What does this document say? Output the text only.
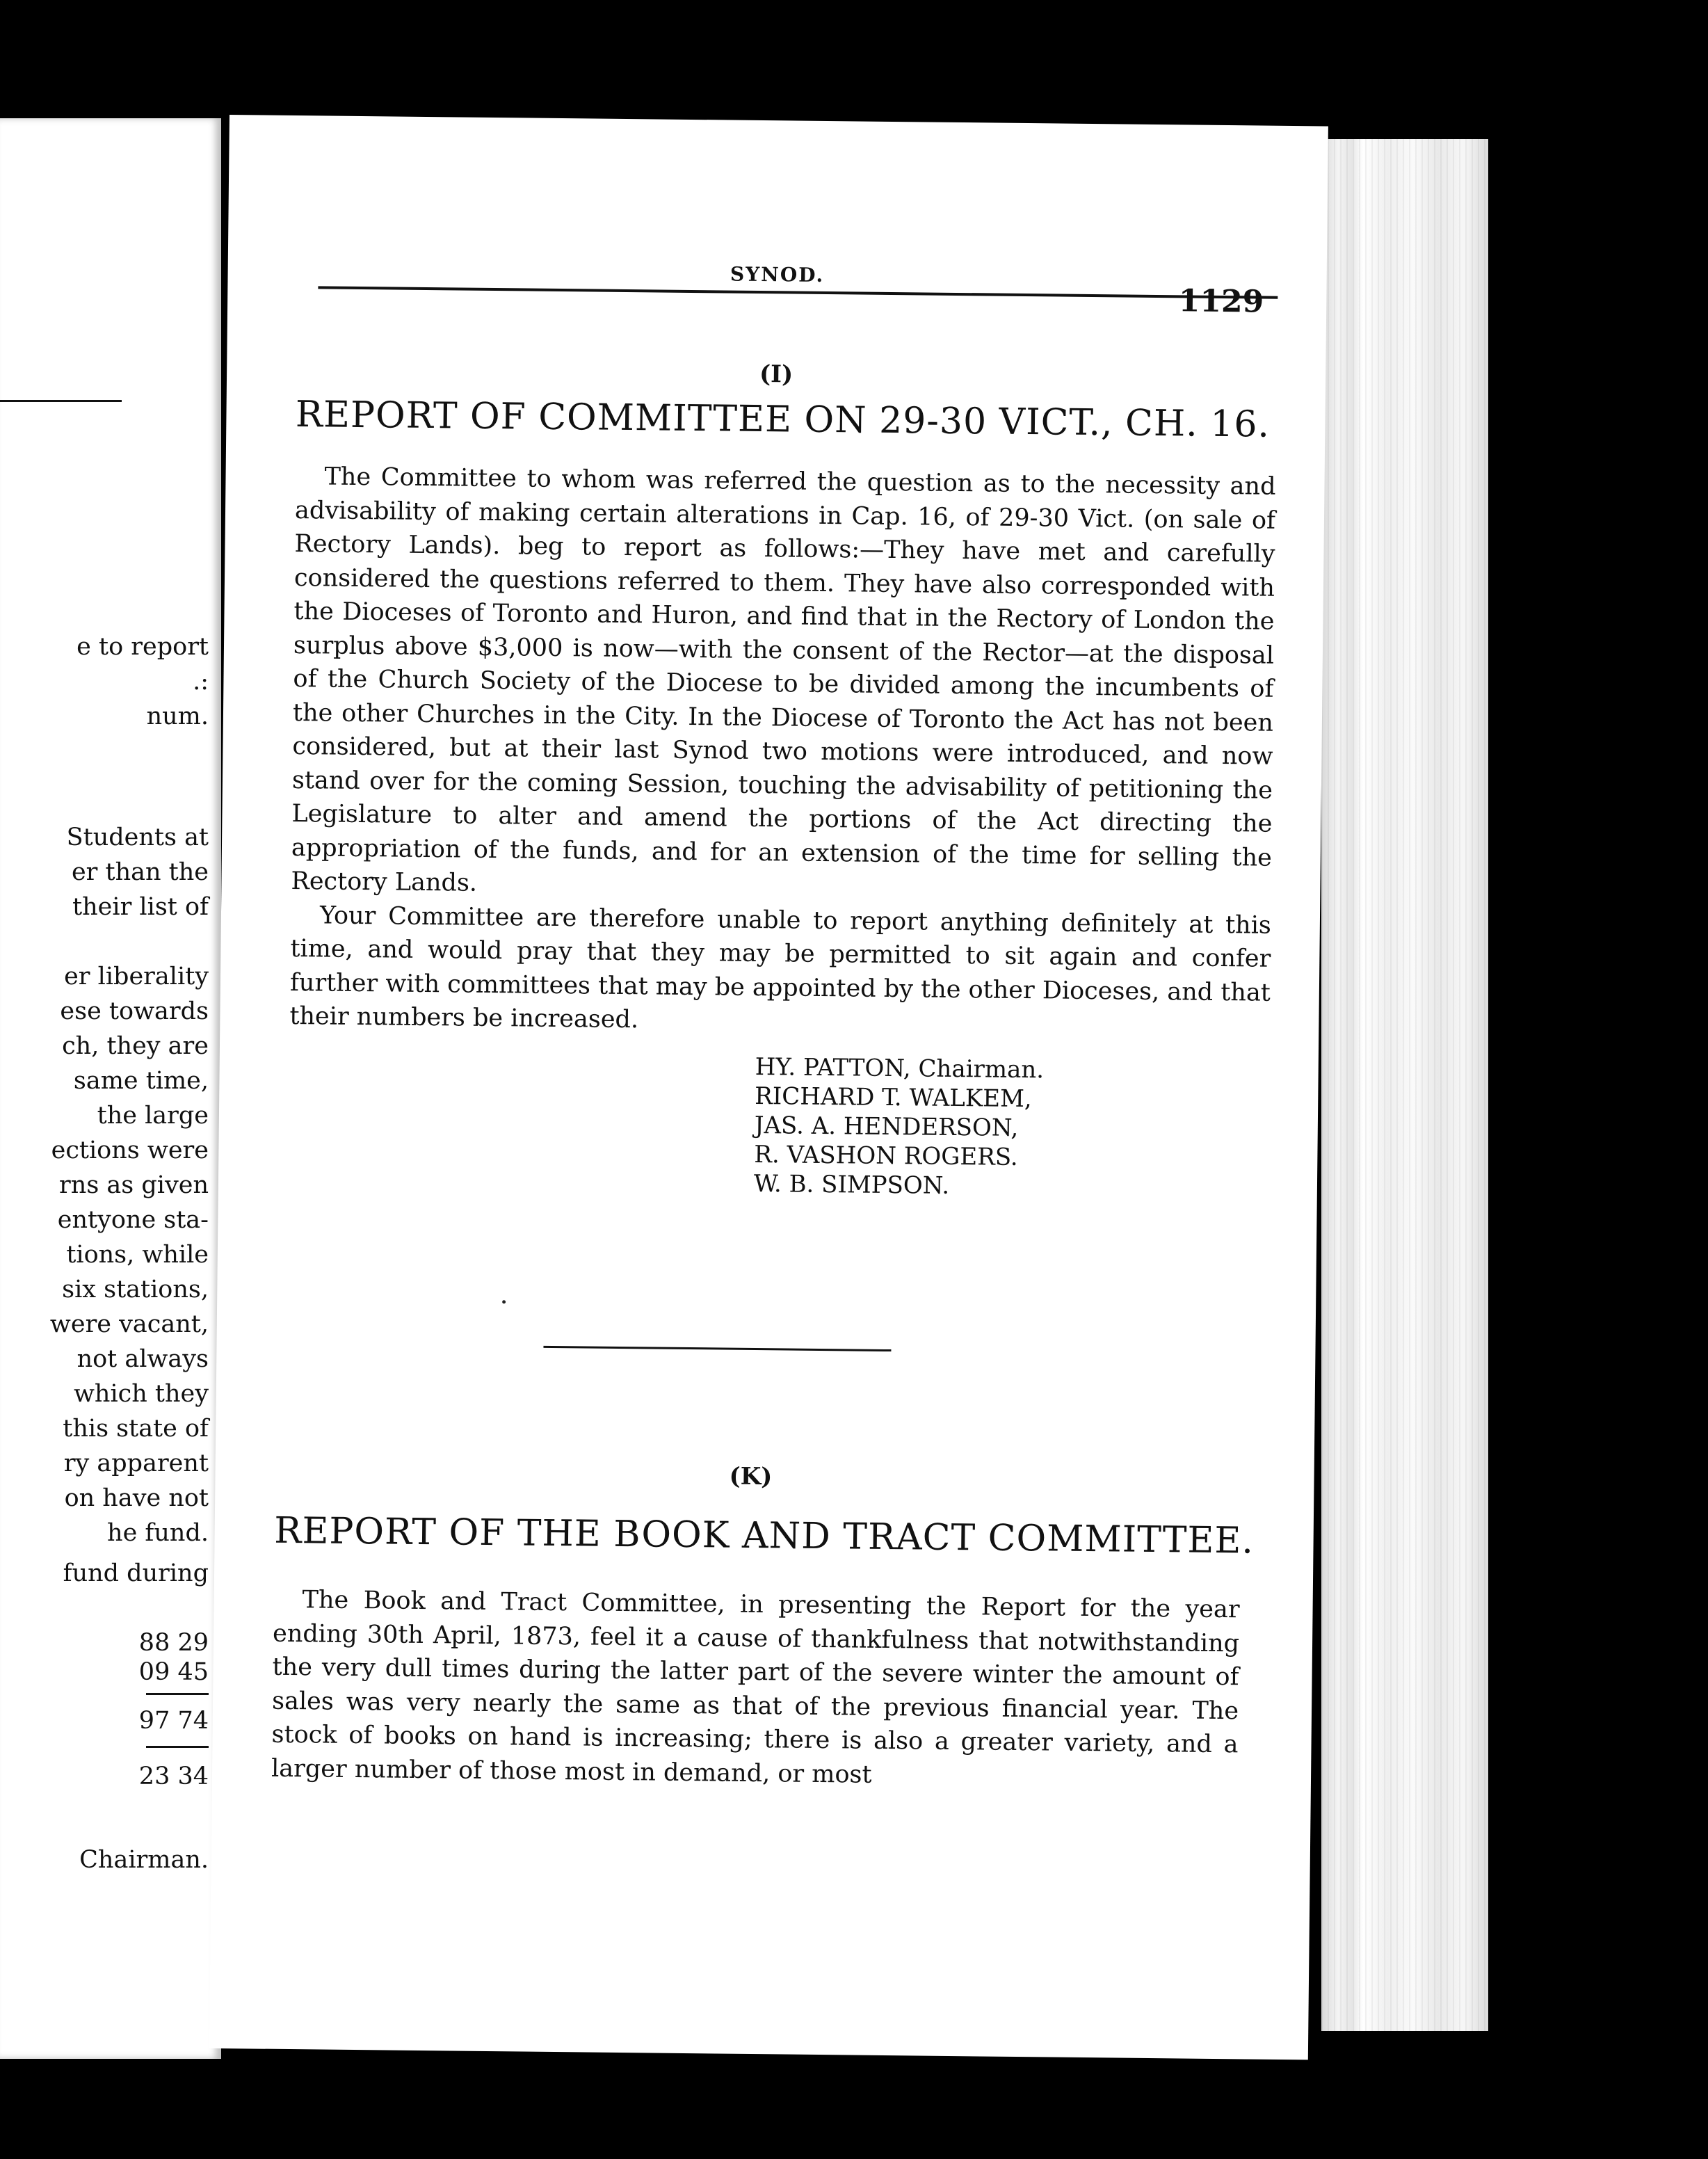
e to report
.:
num.
Students at
er than the
their list of
er liberality
ese towards
ch, they are
same time,
the large
ections were
rns as given
entyone sta-
tions, while
six stations,
were vacant,
not always
which they
this state of
ry apparent
on have not
he fund.
fund during
88 29
09 45
97 74
23 34
Chairman.
SYNOD.
1129
(I)
REPORT OF COMMITTEE ON 29-30 VICT., CH. 16.

The Committee to whom was referred the question as to the necessity and advisability of making certain alterations in Cap. 16, of 29-30 Vict. (on sale of Rectory Lands). beg to report as follows:—They have met and carefully considered the questions referred to them. They have also corresponded with the Dioceses of Toronto and Huron, and find that in the Rectory of London the surplus above $3,000 is now—with the consent of the Rector—at the disposal of the Church Society of the Diocese to be divided among the incumbents of the other Churches in the City. In the Diocese of Toronto the Act has not been considered, but at their last Synod two motions were introduced, and now stand over for the coming Session, touching the advisability of petitioning the Legislature to alter and amend the portions of the Act directing the appropriation of the funds, and for an extension of the time for selling the Rectory Lands.

Your Committee are therefore unable to report anything definitely at this time, and would pray that they may be permitted to sit again and confer further with committees that may be appointed by the other Dioceses, and that their numbers be increased.

HY. PATTON, Chairman.
RICHARD T. WALKEM,
JAS. A. HENDERSON,
R. VASHON ROGERS.
W. B. SIMPSON.
(K)
REPORT OF THE BOOK AND TRACT COMMITTEE.

The Book and Tract Committee, in presenting the Report for the year ending 30th April, 1873, feel it a cause of thankfulness that notwithstanding the very dull times during the latter part of the severe winter the amount of sales was very nearly the same as that of the previous financial year. The stock of books on hand is increasing; there is also a greater variety, and a larger number of those most in demand, or most
